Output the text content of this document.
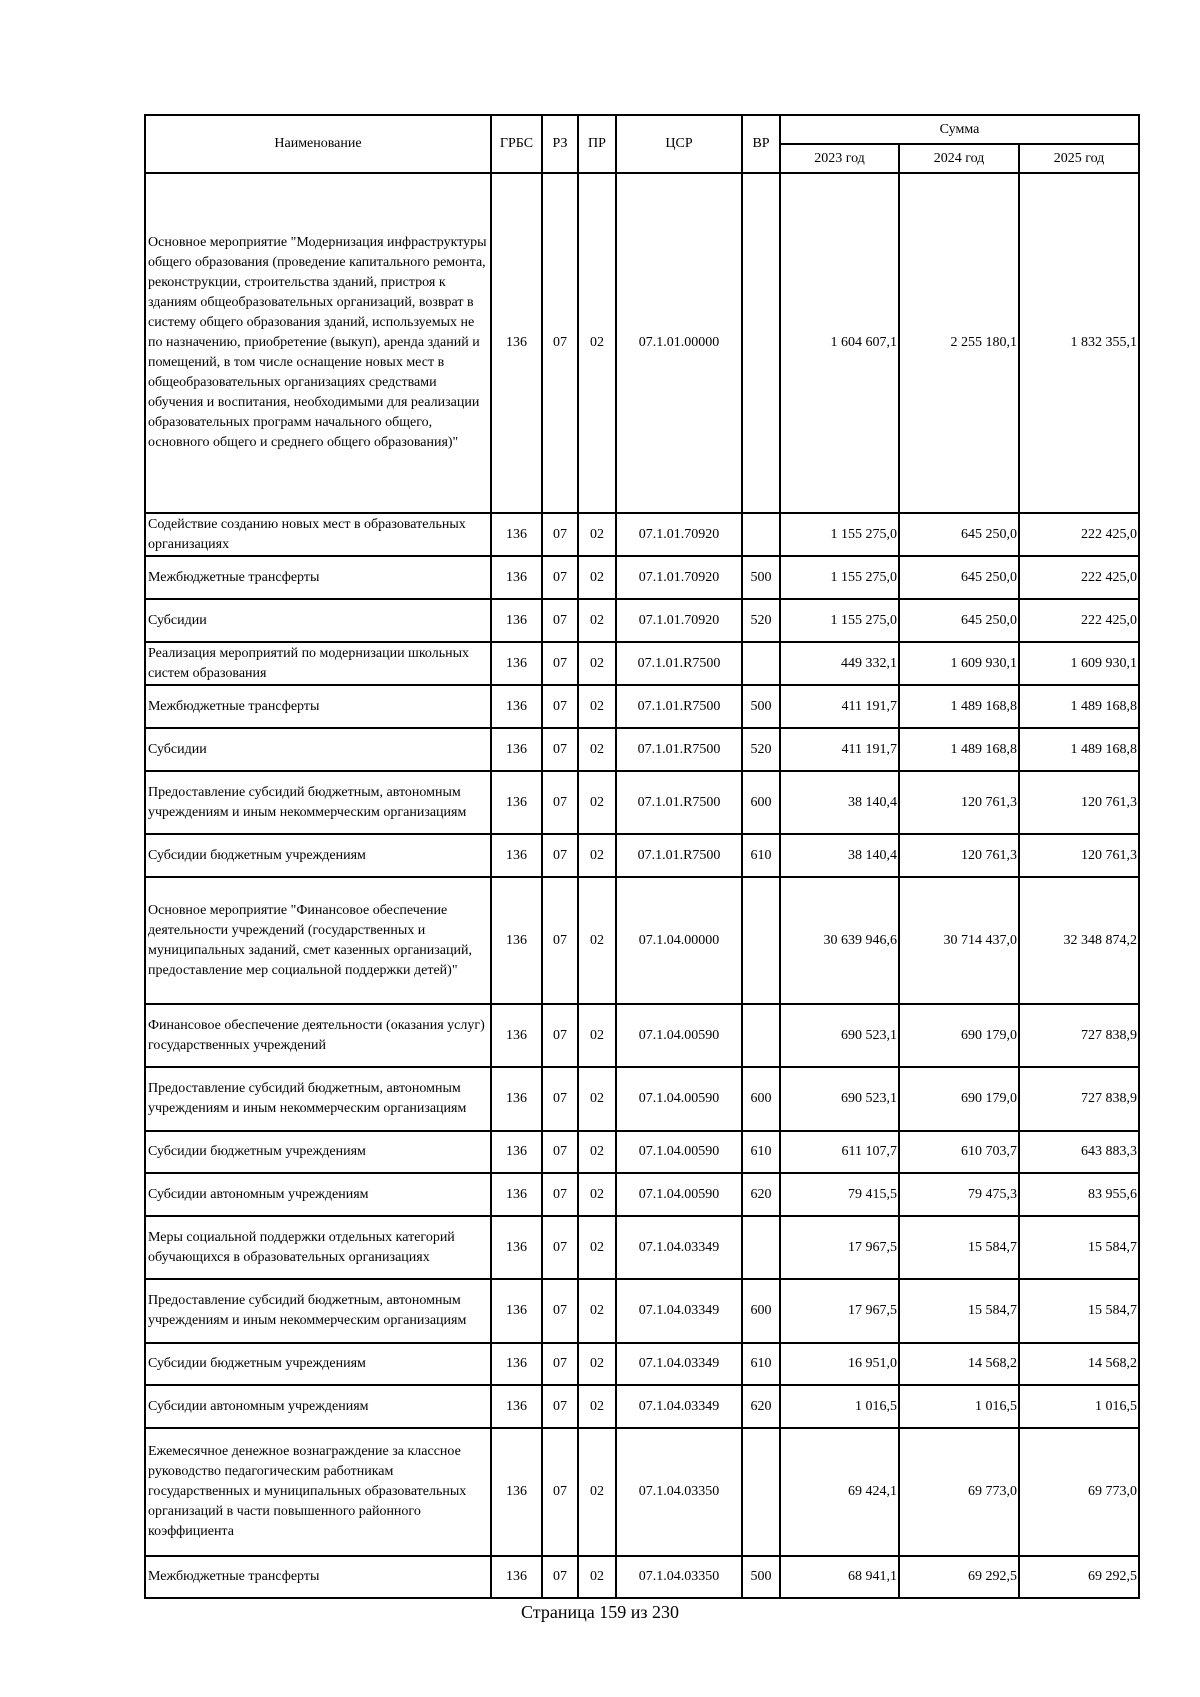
Наименование	ГРБС	РЗ	ПР	ЦСР	ВР	Сумма		
						2023 год	2024 год	2025 год
Основное мероприятие "Модернизация инфраструктуры общего образования (проведение капитального ремонта, реконструкции, строительства зданий, пристроя к зданиям общеобразовательных организаций, возврат в систему общего образования зданий, используемых не по назначению, приобретение (выкуп), аренда зданий и помещений, в том числе оснащение новых мест в общеобразовательных организациях средствами обучения и воспитания, необходимыми для реализации образовательных программ начального общего, основного общего и среднего общего образования)"	136	07	02	07.1.01.00000		1 604 607,1	2 255 180,1	1 832 355,1
Содействие созданию новых мест в образовательных организациях	136	07	02	07.1.01.70920		1 155 275,0	645 250,0	222 425,0
Межбюджетные трансферты	136	07	02	07.1.01.70920	500	1 155 275,0	645 250,0	222 425,0
Субсидии	136	07	02	07.1.01.70920	520	1 155 275,0	645 250,0	222 425,0
Реализация мероприятий по модернизации школьных систем образования	136	07	02	07.1.01.R7500		449 332,1	1 609 930,1	1 609 930,1
Межбюджетные трансферты	136	07	02	07.1.01.R7500	500	411 191,7	1 489 168,8	1 489 168,8
Субсидии	136	07	02	07.1.01.R7500	520	411 191,7	1 489 168,8	1 489 168,8
Предоставление субсидий бюджетным, автономным учреждениям и иным некоммерческим организациям	136	07	02	07.1.01.R7500	600	38 140,4	120 761,3	120 761,3
Субсидии бюджетным учреждениям	136	07	02	07.1.01.R7500	610	38 140,4	120 761,3	120 761,3
Основное мероприятие "Финансовое обеспечение деятельности учреждений (государственных и муниципальных заданий, смет казенных организаций, предоставление мер социальной поддержки детей)"	136	07	02	07.1.04.00000		30 639 946,6	30 714 437,0	32 348 874,2
Финансовое обеспечение деятельности (оказания услуг) государственных учреждений	136	07	02	07.1.04.00590		690 523,1	690 179,0	727 838,9
Предоставление субсидий бюджетным, автономным учреждениям и иным некоммерческим организациям	136	07	02	07.1.04.00590	600	690 523,1	690 179,0	727 838,9
Субсидии бюджетным учреждениям	136	07	02	07.1.04.00590	610	611 107,7	610 703,7	643 883,3
Субсидии автономным учреждениям	136	07	02	07.1.04.00590	620	79 415,5	79 475,3	83 955,6
Меры социальной поддержки отдельных категорий обучающихся в образовательных организациях	136	07	02	07.1.04.03349		17 967,5	15 584,7	15 584,7
Предоставление субсидий бюджетным, автономным учреждениям и иным некоммерческим организациям	136	07	02	07.1.04.03349	600	17 967,5	15 584,7	15 584,7
Субсидии бюджетным учреждениям	136	07	02	07.1.04.03349	610	16 951,0	14 568,2	14 568,2
Субсидии автономным учреждениям	136	07	02	07.1.04.03349	620	1 016,5	1 016,5	1 016,5
Ежемесячное денежное вознаграждение за классное руководство педагогическим работникам государственных и муниципальных образовательных организаций в части повышенного районного коэффициента	136	07	02	07.1.04.03350		69 424,1	69 773,0	69 773,0
Межбюджетные трансферты	136	07	02	07.1.04.03350	500	68 941,1	69 292,5	69 292,5
Страница 159 из 230
